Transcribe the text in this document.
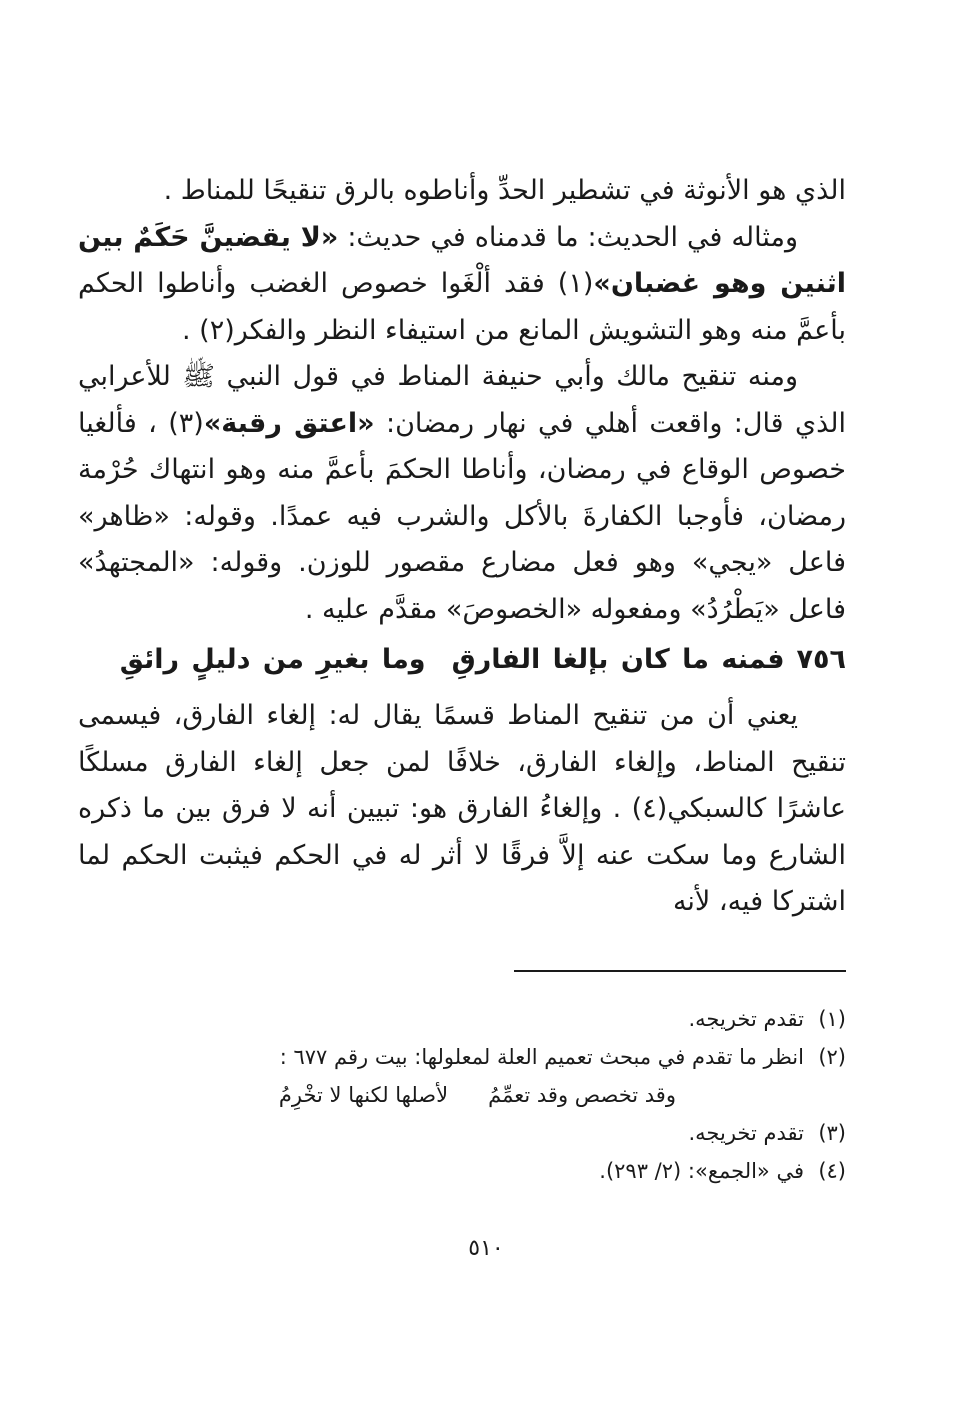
الذي هو الأنوثة في تشطير الحدِّ وأناطوه بالرق تنقيحًا للمناط .

ومثاله في الحديث: ما قدمناه في حديث: «لا يقضينَّ حَكَمٌ بين اثنين وهو غضبان»(١) فقد ألْغَوا خصوص الغضب وأناطوا الحكم بأعمَّ منه وهو التشويش المانع من استيفاء النظر والفكر(٢) .

ومنه تنقيح مالك وأبي حنيفة المناط في قول النبي ﷺ للأعرابي الذي قال: واقعت أهلي في نهار رمضان: «اعتق رقبة»(٣) ، فألغيا خصوص الوقاع في رمضان، وأناطا الحكمَ بأعمَّ منه وهو انتهاك حُرْمة رمضان، فأوجبا الكفارةَ بالأكل والشرب فيه عمدًا. وقوله: «ظاهر» فاعل «يجي» وهو فعل مضارع مقصور للوزن. وقوله: «المجتهدُ» فاعل «يَطْرُدُ» ومفعوله «الخصوصَ» مقدَّم عليه .

٧٥٦فمنه ما كان بإلغا الفارقِوما بغيرِ من دليلٍ رائقِ

يعني أن من تنقيح المناط قسمًا يقال له: إلغاء الفارق، فيسمى تنقيح المناط، وإلغاء الفارق، خلافًا لمن جعل إلغاء الفارق مسلكًا عاشرًا كالسبكي(٤) . وإلغاءُ الفارق هو: تبيين أنه لا فرق بين ما ذكره الشارع وما سكت عنه إلاَّ فرقًا لا أثر له في الحكم فيثبت الحكم لما اشتركا فيه، لأنه

(١)تقدم تخريجه.

(٢)انظر ما تقدم في مبحث تعميم العلة لمعلولها: بيت رقم ٦٧٧ :

وقد تخصص وقد تعمِّمُلأصلها لكنها لا تخْرِمُ

(٣)تقدم تخريجه.

(٤)في «الجمع»: (٢/ ٢٩٣).

٥١٠
